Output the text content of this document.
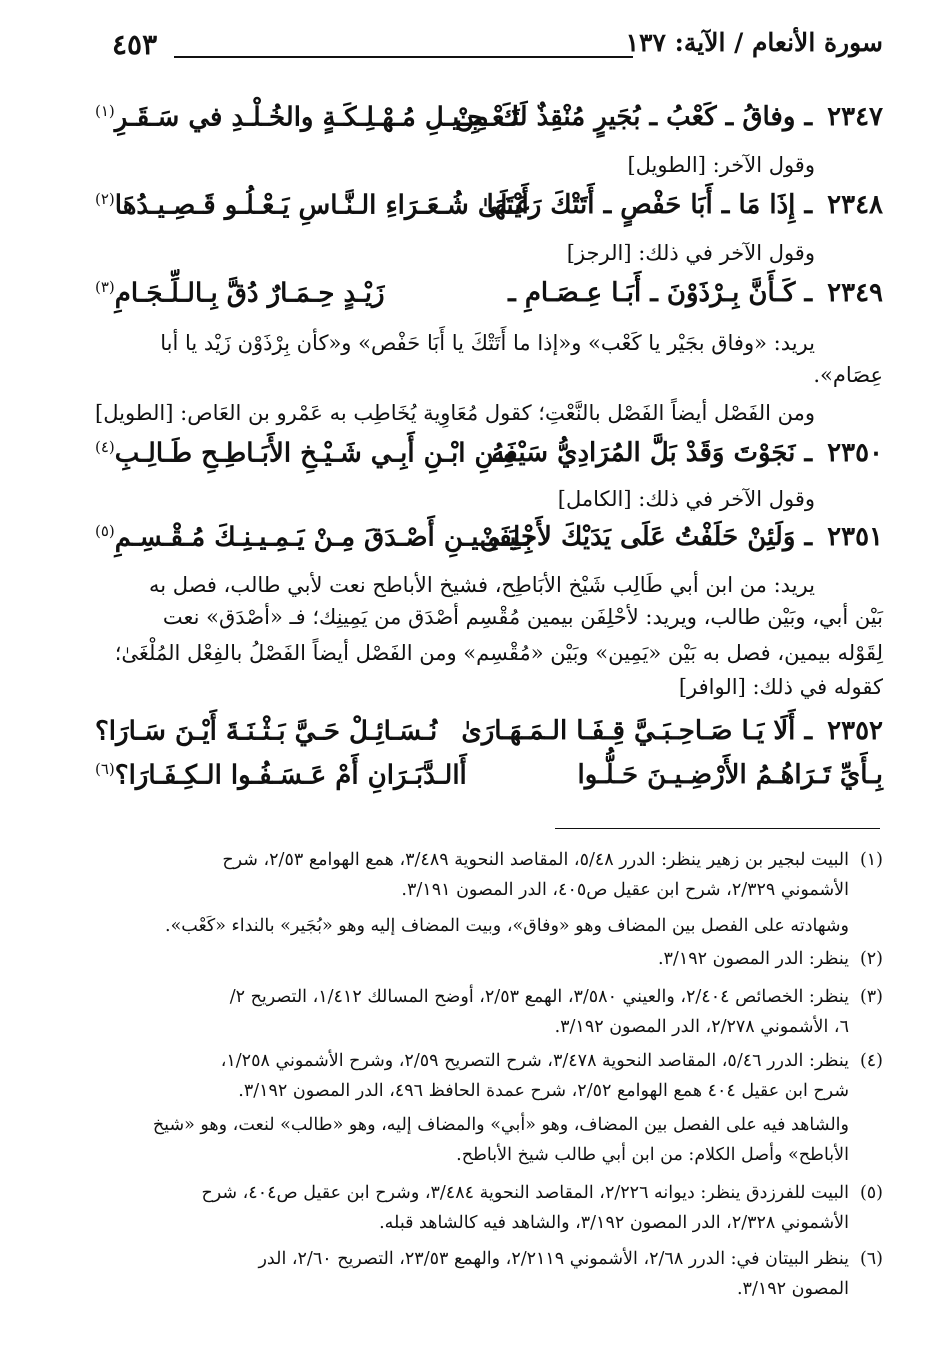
سورة الأنعام / الآية: ١٣٧
٤٥٣
٢٣٤٧ ـ وفاقُ ـ كَعْبُ ـ بُجَيرٍ مُنْقِذٌ لَكَ مِنْ
تَـعْـجِـيـلِ مُـهْـلِـكَـةٍ والخُـلْـدِ في سَـقَـرِ$^{(١)}$
وقول الآخر: [الطويل]
٢٣٤٨ ـ إِذَا مَا ـ أَبَا حَفْصٍ ـ أَتَتْكَ رَأَيْتَهَا
عَـلَىٰ شُـعَـرَاءِ الـنَّـاسِ يَـعْـلُـو قَـصِـيـدُهَا$^{(٢)}$
وقول الآخر في ذلك: [الرجز]
٢٣٤٩ ـ كَـأَنَّ بِـرْذَوْنَ ـ أَبَـا عِـصَـامِ ـ
زَيْـدٍ حِـمَـارٌ دُقَّ بِـالـلِّـجَـامِ$^{(٣)}$
يريد: «وفاق بجَيْر يا كَعْب» و«إذا ما أَتَتْكَ يا أَبَا حَفْص» و«كأن بِرْذَوْن زَيْد يا أبا
عِصَام».
ومن الفَصْل أيضاً الفَصْل بالنَّعْتِ؛ كقول مُعَاوِية يُخَاطِب به عَمْرو بن العَاص: [الطويل]
٢٣٥٠ ـ نَجَوْتَ وَقَدْ بَلَّ المُرَادِيُّ سَيْفَهُ
مِـنِ ابْـنِ أَبِـي شَـيْـخِ الأَبَـاطِـحِ طَـالِـبِ$^{(٤)}$
وقول الآخر في ذلك: [الكامل]
٢٣٥١ ـ وَلَئِنْ حَلَفْتُ عَلَى يَدَيْكَ لأَحْلِفَنْ
بِـيَـمِـيـنِ أَصْـدَقَ مِـنْ يَـمِـيـنِـكَ مُـقْـسِـمِ$^{(٥)}$
يريد: من ابن أبي طَالِب شَيْخ الأبَاطِح، فشيخ الأباطح نعت لأبي طالب، فصل به
بَيْن أبي، وبَيْن طالب، ويريد: لأحْلِفَن بيمين مُقْسِم أصْدَق من يَمِينِك؛ فـ «أصْدَق» نعت
لِقَوْله بيمين، فصل به بَيْن «يَمِين» وبَيْن «مُقْسِم» ومن الفَصْل أيضاً الفَصْلُ بالفِعْل المُلْغَىٰ؛
كقوله في ذلك: [الوافر]
٢٣٥٢ ـ أَلَا يَـا صَـاحِـبَـيَّ قِـفَـا الـمَـهَـارَىٰ
نُـسَـائِـلْ حَـيَّ بَـثْـنَـةَ أَيْـنَ سَـارَا؟
بِـأَيِّ تَـرَاهُـمُ الأَرْضِـيـنَ حَـلُّـوا
أَالـدَّبَـرَانِ أَمْ عَـسَـفُـوا الـكِـفَـارَا؟$^{(٦)}$
(١)البيت لبجير بن زهير ينظر: الدرر ٥/٤٨، المقاصد النحوية ٣/٤٨٩، همع الهوامع ٢/٥٣، شرح
الأشموني ٢/٣٢٩، شرح ابن عقيل ص٤٠٥، الدر المصون ٣/١٩١.
وشهادته على الفصل بين المضاف وهو «وفاق»، وبيت المضاف إليه وهو «بُجَير» بالنداء «كَعْب».
(٢)ينظر: الدر المصون ٣/١٩٢.
(٣)ينظر: الخصائص ٢/٤٠٤، والعيني ٣/٥٨٠، الهمع ٢/٥٣، أوضح المسالك ١/٤١٢، التصريح ٢/
٦، الأشموني ٢/٢٧٨، الدر المصون ٣/١٩٢.
(٤)ينظر: الدرر ٥/٤٦، المقاصد النحوية ٣/٤٧٨، شرح التصريح ٢/٥٩، وشرح الأشموني ١/٢٥٨،
شرح ابن عقيل ٤٠٤ همع الهوامع ٢/٥٢، شرح عمدة الحافظ ٤٩٦، الدر المصون ٣/١٩٢.
والشاهد فيه على الفصل بين المضاف، وهو «أبي» والمضاف إليه، وهو «طالب» لنعت، وهو «شيخ
الأباطح» وأصل الكلام: من ابن أبي طالب شيخ الأباطح.
(٥)البيت للفرزدق ينظر: ديوانه ٢/٢٢٦، المقاصد النحوية ٣/٤٨٤، وشرح ابن عقيل ص٤٠٤، شرح
الأشموني ٢/٣٢٨، الدر المصون ٣/١٩٢، والشاهد فيه كالشاهد قبله.
(٦)ينظر البيتان في: الدرر ٢/٦٨، الأشموني ٢/٢١١٩، والهمع ٢٣/٥٣، التصريح ٢/٦٠، الدر
المصون ٣/١٩٢.
